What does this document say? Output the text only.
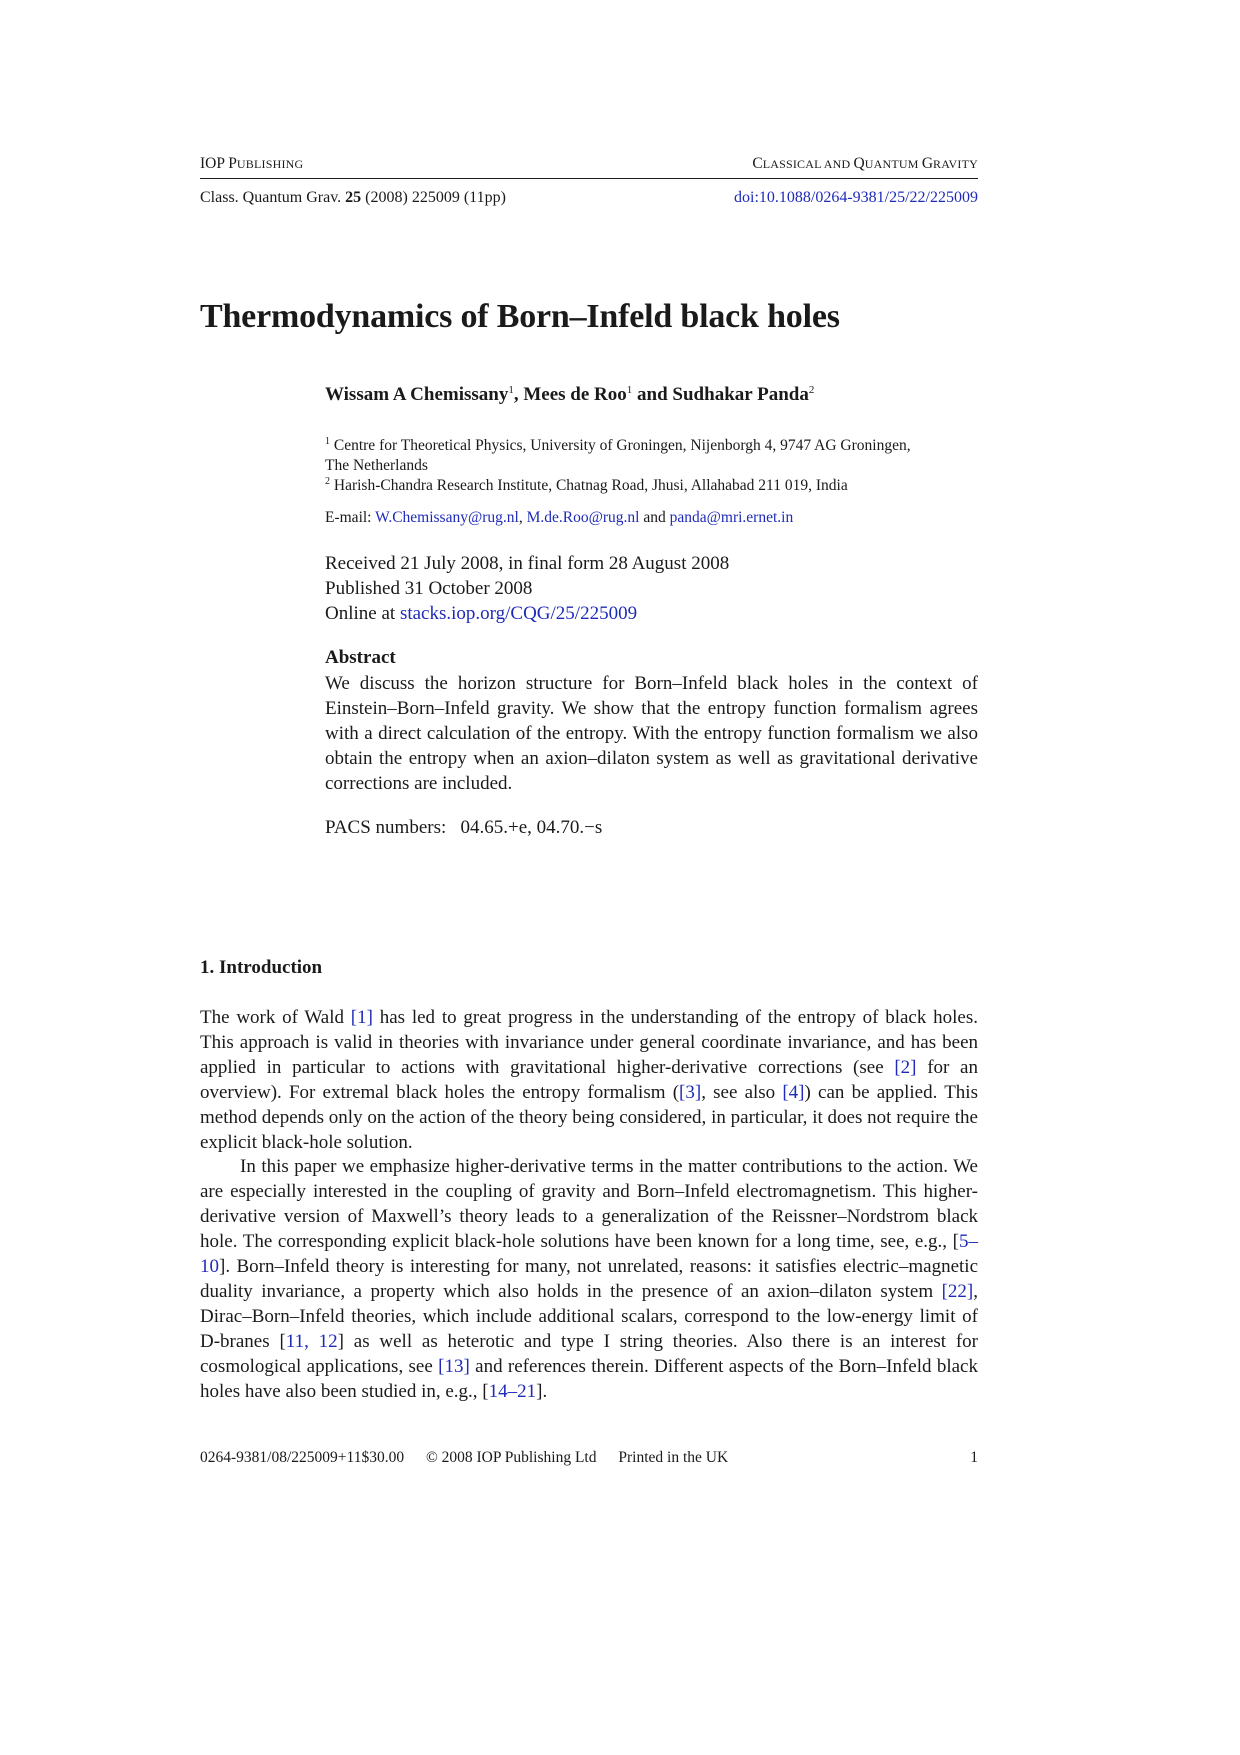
IOP PUBLISHING	CLASSICAL AND QUANTUM GRAVITY
Class. Quantum Grav. 25 (2008) 225009 (11pp)	doi:10.1088/0264-9381/25/22/225009
Thermodynamics of Born–Infeld black holes
Wissam A Chemissany$^1$, Mees de Roo$^1$ and Sudhakar Panda$^2$
$^1$ Centre for Theoretical Physics, University of Groningen, Nijenborgh 4, 9747 AG Groningen,
The Netherlands
$^2$ Harish-Chandra Research Institute, Chatnag Road, Jhusi, Allahabad 211 019, India
E-mail: W.Chemissany@rug.nl, M.de.Roo@rug.nl and panda@mri.ernet.in
Received 21 July 2008, in final form 28 August 2008
Published 31 October 2008
Online at stacks.iop.org/CQG/25/225009
Abstract

We discuss the horizon structure for Born–Infeld black holes in the context of Einstein–Born–Infeld gravity. We show that the entropy function formalism agrees with a direct calculation of the entropy. With the entropy function formalism we also obtain the entropy when an axion–dilaton system as well as gravitational derivative corrections are included.

PACS numbers: 04.65.+e, 04.70.−s
1. Introduction

The work of Wald [1] has led to great progress in the understanding of the entropy of black holes. This approach is valid in theories with invariance under general coordinate invariance, and has been applied in particular to actions with gravitational higher-derivative corrections (see [2] for an overview). For extremal black holes the entropy formalism ([3], see also [4]) can be applied. This method depends only on the action of the theory being considered, in particular, it does not require the explicit black-hole solution.

In this paper we emphasize higher-derivative terms in the matter contributions to the action. We are especially interested in the coupling of gravity and Born–Infeld electromagnetism. This higher-derivative version of Maxwell’s theory leads to a generalization of the Reissner–Nordstrom black hole. The corresponding explicit black-hole solutions have been known for a long time, see, e.g., [5–10]. Born–Infeld theory is interesting for many, not unrelated, reasons: it satisfies electric–magnetic duality invariance, a property which also holds in the presence of an axion–dilaton system [22], Dirac–Born–Infeld theories, which include additional scalars, correspond to the low-energy limit of D-branes [11, 12] as well as heterotic and type I string theories. Also there is an interest for cosmological applications, see [13] and references therein. Different aspects of the Born–Infeld black holes have also been studied in, e.g., [14–21].

0264-9381/08/225009+11$30.00 © 2008 IOP Publishing Ltd Printed in the UK	1
